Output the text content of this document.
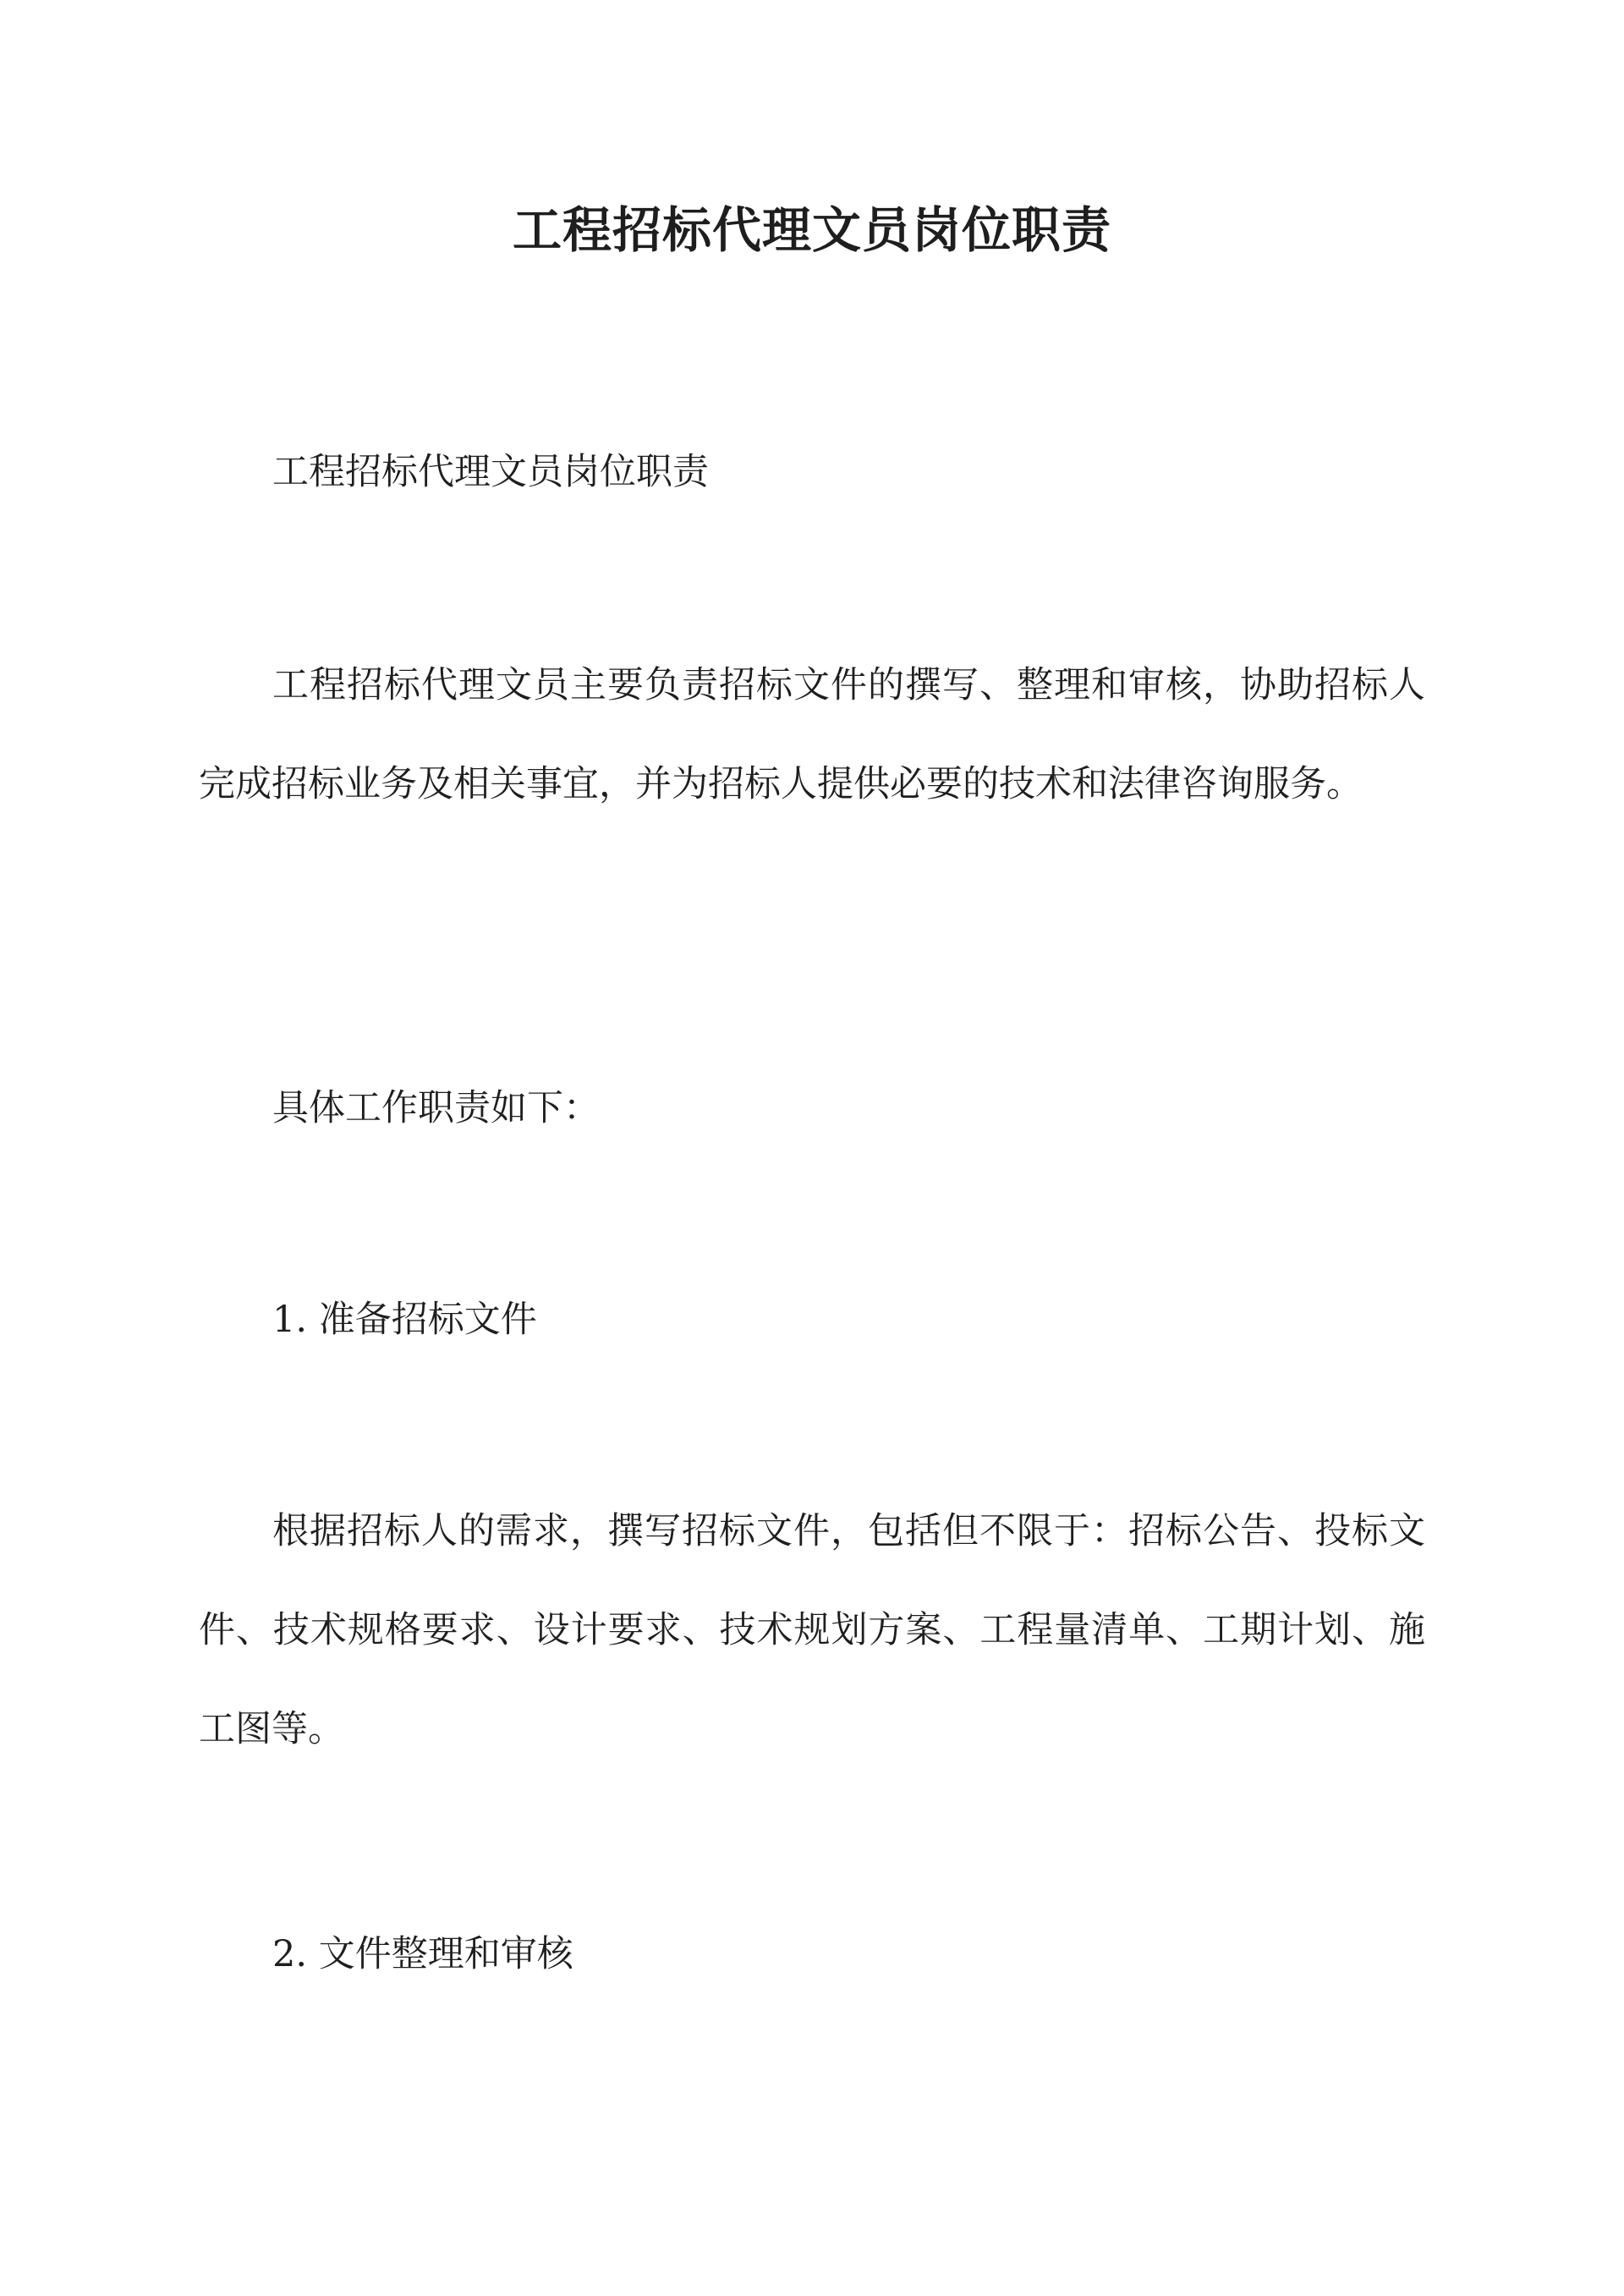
工程招标代理文员岗位职责

工程招标代理文员岗位职责

工程招标代理文员主要负责招标文件的撰写、整理和审核，协助招标人完成招标业务及相关事宜，并为招标人提供必要的技术和法律咨询服务。

具体工作职责如下：

1. 准备招标文件

根据招标人的需求，撰写招标文件，包括但不限于：招标公告、投标文件、技术规格要求、设计要求、技术规划方案、工程量清单、工期计划、施工图等。

2. 文件整理和审核
